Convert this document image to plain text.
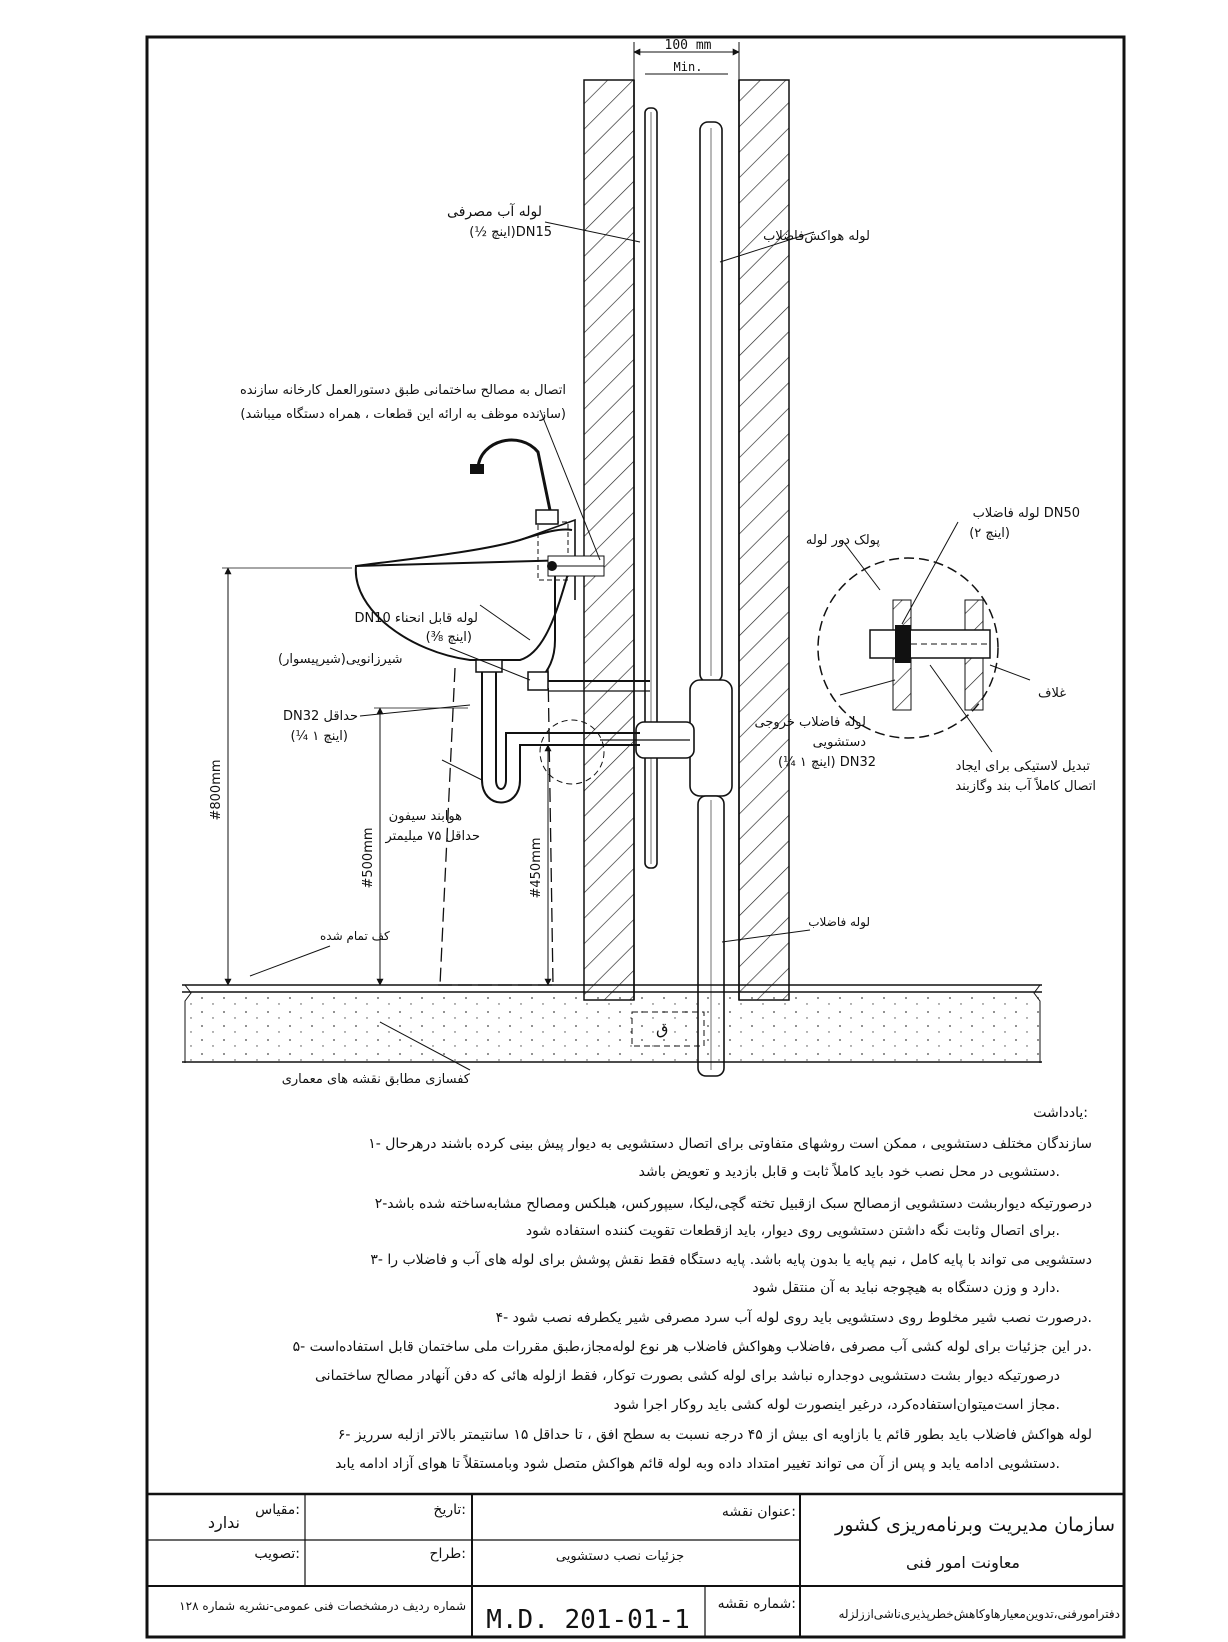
100 mm
Min.
ق
#800mm
#500mm	#450mm
لوله آب مصرفی
(½ اینچ)DN15	لوله هواکش‌فاضلاب
اتصال به مصالح ساختمانی طبق دستورالعمل کارخانه سازنده
(سازنده موظف به ارائه این قطعات ، همراه دستگاه میباشد)
DN10 لوله قابل انحناء
(⅜ اینچ)
شیرزانویی(شیرپیسوار)
DN32 حداقل
(¼ ۱ اینچ)
هوابند سیفون
حداقل ۷۵ میلیمتر
کف تمام شده
لوله فاضلاب
کفسازی مطابق نقشه های معماری
لوله فاضلاب DN50
(۲ اینچ)
پولک دور لوله
غلاف
لوله فاضلاب خروجی
دستشویی
(¼ ۱ اینچ) DN32	تبدیل لاستیکی برای ایجاد
اتصال کاملاً آب بند وگازبند
یادداشت:
۱- سازندگان مختلف دستشویی ، ممکن است روشهای متفاوتی برای اتصال دستشویی به دیوار پیش بینی کرده باشند درهرحال
دستشویی در محل نصب خود باید کاملاً ثابت و قابل بازدید و تعویض باشد.
۲-درصورتیکه دیواربشت دستشویی ازمصالح سبک ازقبیل تخته گچی،لیکا، سیپورکس، هبلکس ومصالح مشابه‌ساخته شده باشد
برای اتصال وثابت نگه داشتن دستشویی روی دیوار، باید ازقطعات تقویت کننده استفاده شود.
۳- دستشویی می تواند با پایه کامل ، نیم پایه یا بدون پایه باشد. پایه دستگاه فقط نقش پوشش برای لوله های آب و فاضلاب را
دارد و وزن دستگاه به هیچوجه نباید به آن منتقل شود.
۴- درصورت نصب شیر مخلوط روی دستشویی باید روی لوله آب سرد مصرفی شیر یکطرفه نصب شود.
۵- در این جزئیات برای لوله کشی آب مصرفی ،فاضلاب وهواکش فاضلاب هر نوع لوله‌مجاز،طبق مقررات ملی ساختمان قابل استفاده‌است.
درصورتیکه دیوار بشت دستشویی دوجداره نباشد برای لوله کشی بصورت توکار، فقط ازلوله هائی که دفن آنهادر مصالح ساختمانی
مجاز است‌میتوان‌استفاده‌کرد، درغیر اینصورت لوله کشی باید روکار اجرا شود.
۶- لوله هواکش فاضلاب باید بطور قائم یا بازاویه ای بیش از ۴۵ درجه نسبت به سطح افق ، تا حداقل ۱۵ سانتیمتر بالاتر ازلبه سرریز
دستشویی ادامه یابد و پس از آن می تواند تغییر امتداد داده وبه لوله قائم هواکش متصل شود وبامستقلاً تا هوای آزاد ادامه یابد.
مقیاس:
ندارد
تاریخ:
تصویب:	طراح:
عنوان نقشه:
جزئیات نصب دستشویی
شماره نقشه:
M.D. 201-01-1
شماره ردیف درمشخصات فنی عمومی-نشریه شماره ۱۲۸
سازمان مدیریت وبرنامه‌ریزی کشور
معاونت امور فنی
دفترامورفنی،تدوین‌معیارهاوکاهش‌خطرپذیری‌ناشی‌اززلزله
